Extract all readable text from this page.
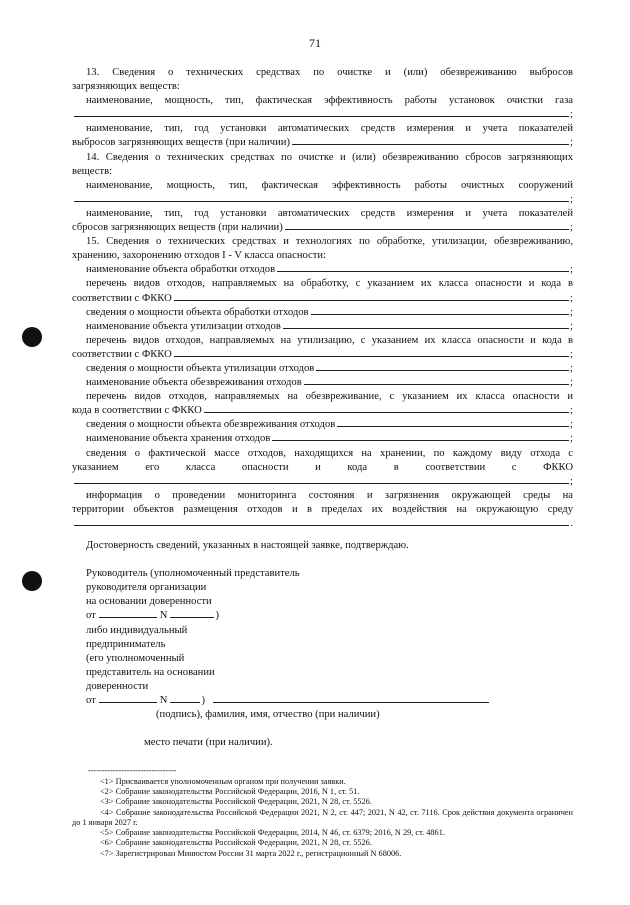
71
13. Сведения о технических средствах по очистке и (или) обезвреживанию выбросов
загрязняющих веществ:
наименование, мощность, тип, фактическая эффективность работы установок очистки газа
;
наименование, тип, год установки автоматических средств измерения и учета показателей
выбросов загрязняющих веществ (при наличии)	;
14. Сведения о технических средствах по очистке и (или) обезвреживанию сбросов загрязняющих
веществ:
наименование, мощность, тип, фактическая эффективность работы очистных сооружений
;
наименование, тип, год установки автоматических средств измерения и учета показателей
сбросов загрязняющих веществ (при наличии)	;
15. Сведения о технических средствах и технологиях по обработке, утилизации, обезвреживанию,
хранению, захоронению отходов I - V класса опасности:
наименование объекта обработки отходов	;
перечень видов отходов, направляемых на обработку, с указанием их класса опасности и кода в
соответствии с ФККО	;
сведения о мощности объекта обработки отходов	;
наименование объекта утилизации отходов	;
перечень видов отходов, направляемых на утилизацию, с указанием их класса опасности и кода в
соответствии с ФККО	;
сведения о мощности объекта утилизации отходов	;
наименование объекта обезвреживания отходов	;
перечень видов отходов, направляемых на обезвреживание, с указанием их класса опасности и
кода в соответствии с ФККО	;
сведения о мощности объекта обезвреживания отходов	;
наименование объекта хранения отходов	;
сведения о фактической массе отходов, находящихся на хранении, по каждому виду отхода с
указанием его класса опасности и кода в соответствии с ФККО
;
информация о проведении мониторинга состояния и загрязнения окружающей среды на
территории объектов размещения отходов и в пределах их воздействия на окружающую среду
.
Достоверность сведений, указанных в настоящей заявке, подтверждаю.
Руководитель (уполномоченный представитель
руководителя организации
на основании доверенности
от	N	)
либо индивидуальный
предприниматель
(его уполномоченный
представитель на основании
доверенности
от	N	)
(подпись), фамилия, имя, отчество (при наличии)
место печати (при наличии).
--------------------------------
<1> Присваивается уполномоченным органом при получении заявки.
<2> Собрание законодательства Российской Федерации, 2016, N 1, ст. 51.
<3> Собрание законодательства Российской Федерации, 2021, N 28, ст. 5526.
<4> Собрание законодательства Российской Федерации 2021, N 2, ст. 447; 2021, N 42, ст. 7116. Срок действия документа ограничен до 1 января 2027 г.
<5> Собрание законодательства Российской Федерации, 2014, N 46, ст. 6379; 2016, N 29, ст. 4861.
<6> Собрание законодательства Российской Федерации, 2021, N 28, ст. 5526.
<7> Зарегистрирован Минюстом России 31 марта 2022 г., регистрационный N 68006.
